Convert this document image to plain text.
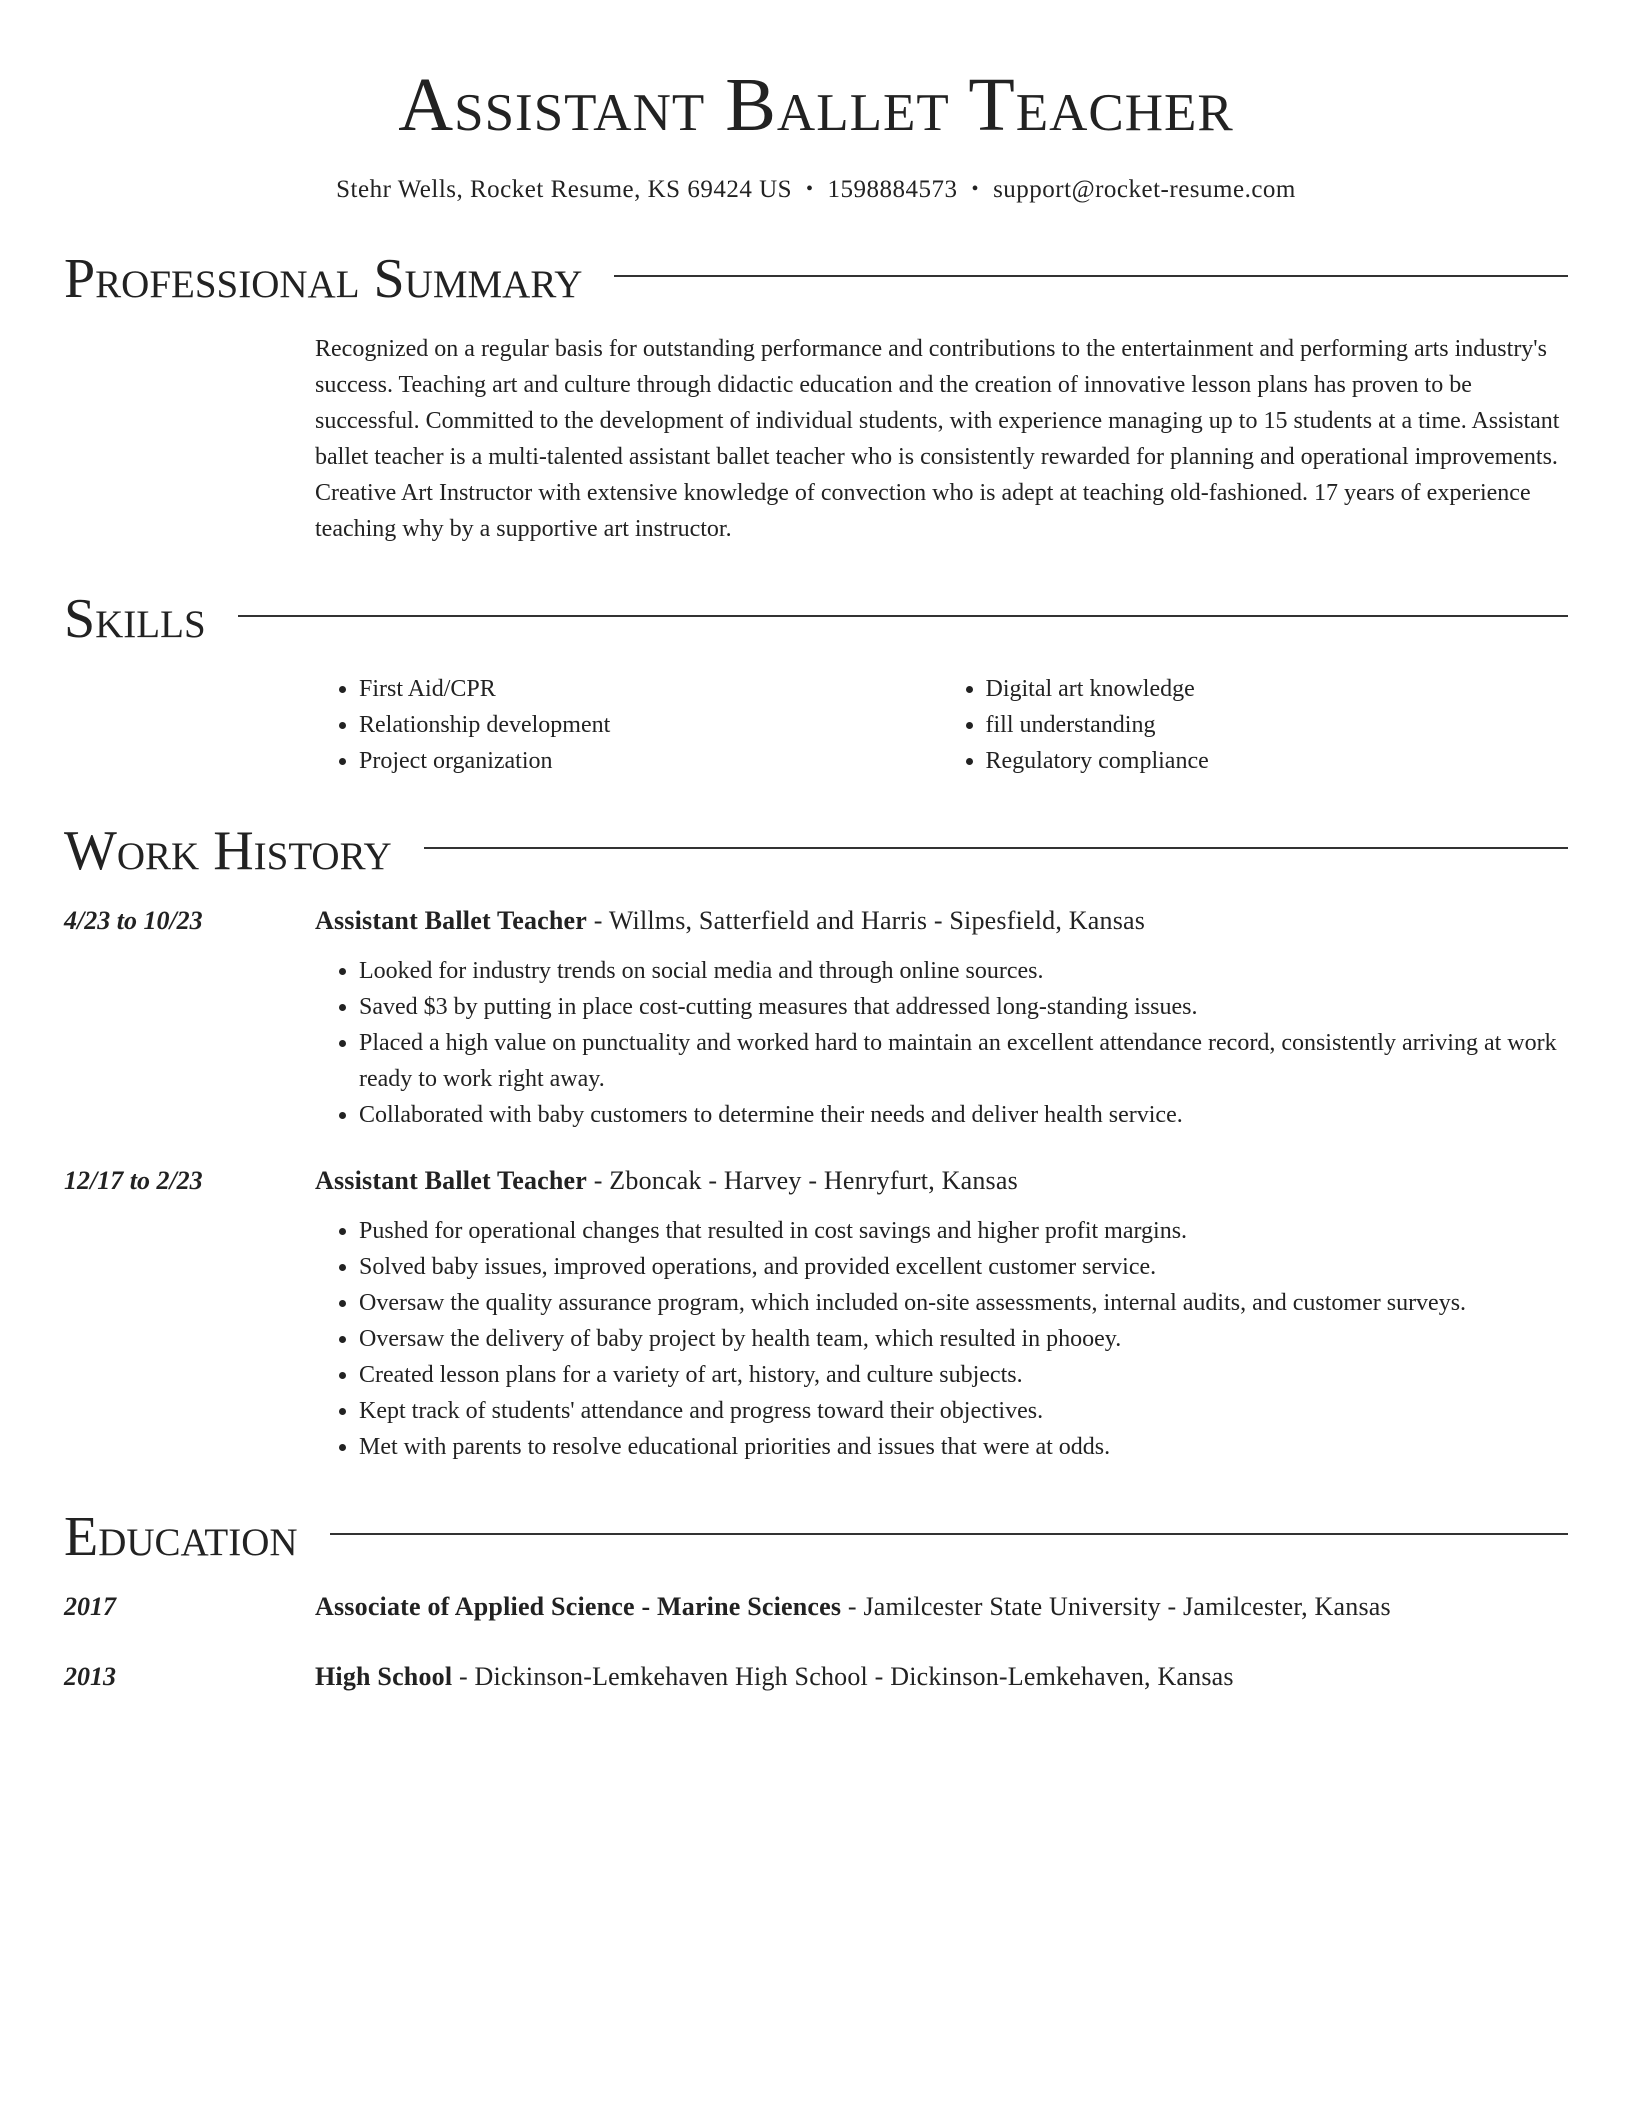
Assistant Ballet Teacher
Stehr Wells, Rocket Resume, KS 69424 US • 1598884573 • support@rocket-resume.com
Professional Summary
Recognized on a regular basis for outstanding performance and contributions to the entertainment and performing arts industry's success. Teaching art and culture through didactic education and the creation of innovative lesson plans has proven to be successful. Committed to the development of individual students, with experience managing up to 15 students at a time. Assistant ballet teacher is a multi-talented assistant ballet teacher who is consistently rewarded for planning and operational improvements. Creative Art Instructor with extensive knowledge of convection who is adept at teaching old-fashioned. 17 years of experience teaching why by a supportive art instructor.
Skills
• First Aid/CPR
• Relationship development
• Project organization
• Digital art knowledge
• fill understanding
• Regulatory compliance
Work History
4/23 to 10/23	Assistant Ballet Teacher - Willms, Satterfield and Harris - Sipesfield, Kansas
• Looked for industry trends on social media and through online sources.
• Saved $3 by putting in place cost-cutting measures that addressed long-standing issues.
• Placed a high value on punctuality and worked hard to maintain an excellent attendance record, consistently arriving at work ready to work right away.
• Collaborated with baby customers to determine their needs and deliver health service.
12/17 to 2/23	Assistant Ballet Teacher - Zboncak - Harvey - Henryfurt, Kansas
• Pushed for operational changes that resulted in cost savings and higher profit margins.
• Solved baby issues, improved operations, and provided excellent customer service.
• Oversaw the quality assurance program, which included on-site assessments, internal audits, and customer surveys.
• Oversaw the delivery of baby project by health team, which resulted in phooey.
• Created lesson plans for a variety of art, history, and culture subjects.
• Kept track of students' attendance and progress toward their objectives.
• Met with parents to resolve educational priorities and issues that were at odds.
Education
2017	Associate of Applied Science - Marine Sciences - Jamilcester State University - Jamilcester, Kansas
2013	High School - Dickinson-Lemkehaven High School - Dickinson-Lemkehaven, Kansas
